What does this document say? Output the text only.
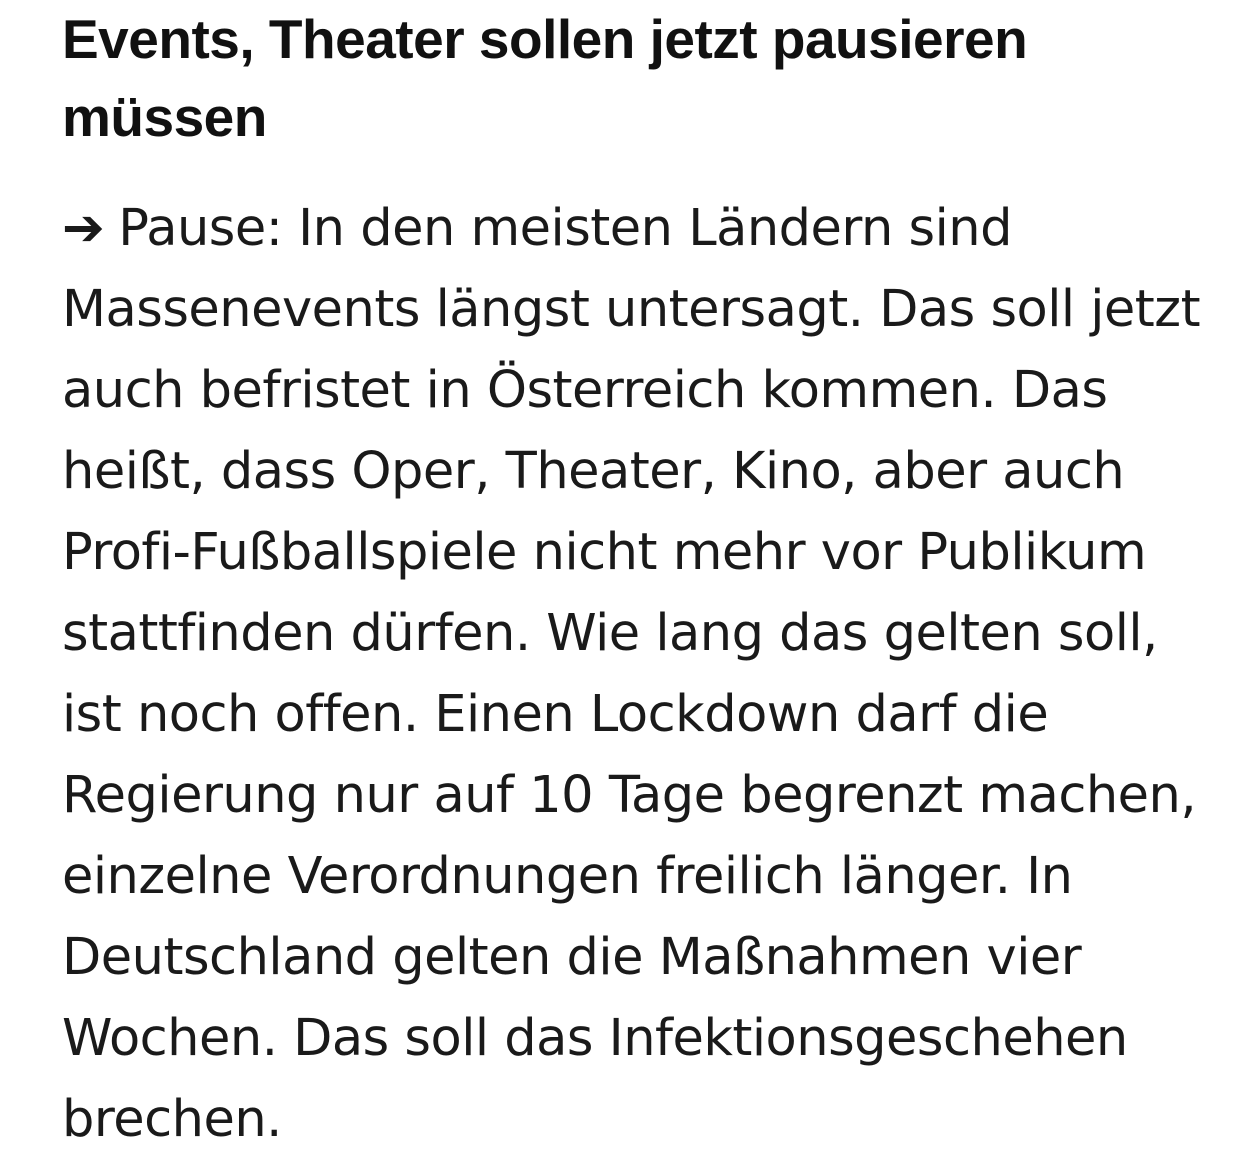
Events, Theater sollen jetzt pausieren müssen

➔ Pause: In den meisten Ländern sind Massenevents längst untersagt. Das soll jetzt auch befristet in Österreich kommen. Das heißt, dass Oper, Theater, Kino, aber auch Profi-Fußballspiele nicht mehr vor Publikum stattfinden dürfen. Wie lang das gelten soll, ist noch offen. Einen Lockdown darf die Regierung nur auf 10 Tage begrenzt machen, einzelne Verordnungen freilich länger. In Deutschland gelten die Maßnahmen vier Wochen. Das soll das Infektionsgeschehen brechen.
